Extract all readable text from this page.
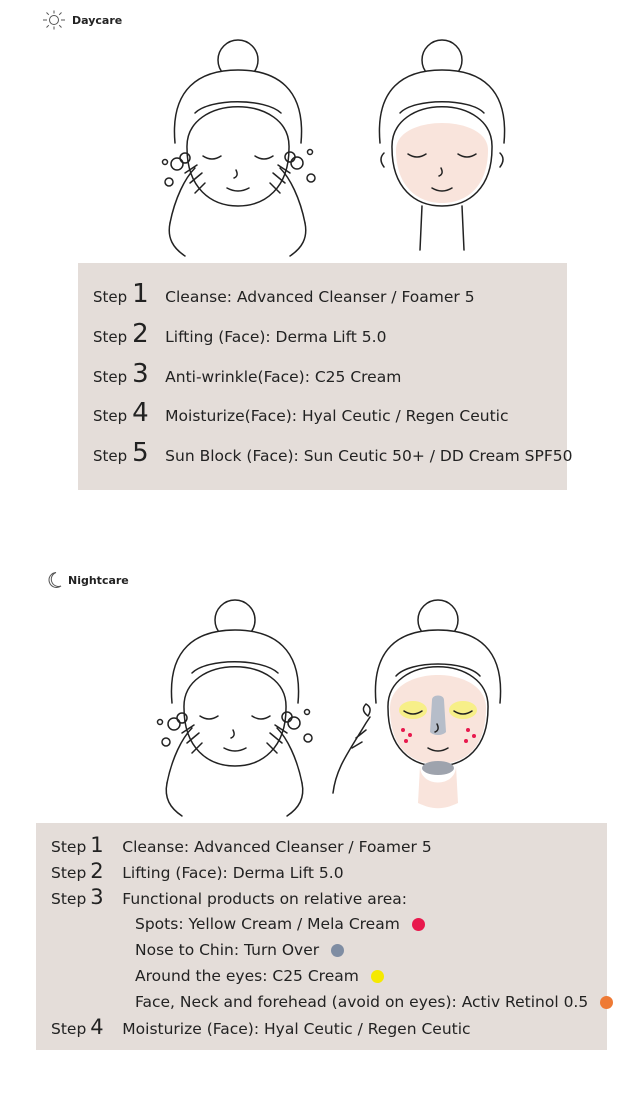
Daycare
Step 1 Cleanse: Advanced Cleanser / Foamer 5
Step 2 Lifting (Face): Derma Lift 5.0
Step 3 Anti-wrinkle(Face): C25 Cream
Step 4 Moisturize(Face): Hyal Ceutic / Regen Ceutic
Step 5 Sun Block (Face): Sun Ceutic 50+ / DD Cream SPF50
Nightcare
Step 1 Cleanse: Advanced Cleanser / Foamer 5
Step 2 Lifting (Face): Derma Lift 5.0
Step 3 Functional products on relative area:
Spots: Yellow Cream / Mela Cream
Nose to Chin: Turn Over
Around the eyes: C25 Cream
Face, Neck and forehead (avoid on eyes): Activ Retinol 0.5
Step 4 Moisturize (Face): Hyal Ceutic / Regen Ceutic
